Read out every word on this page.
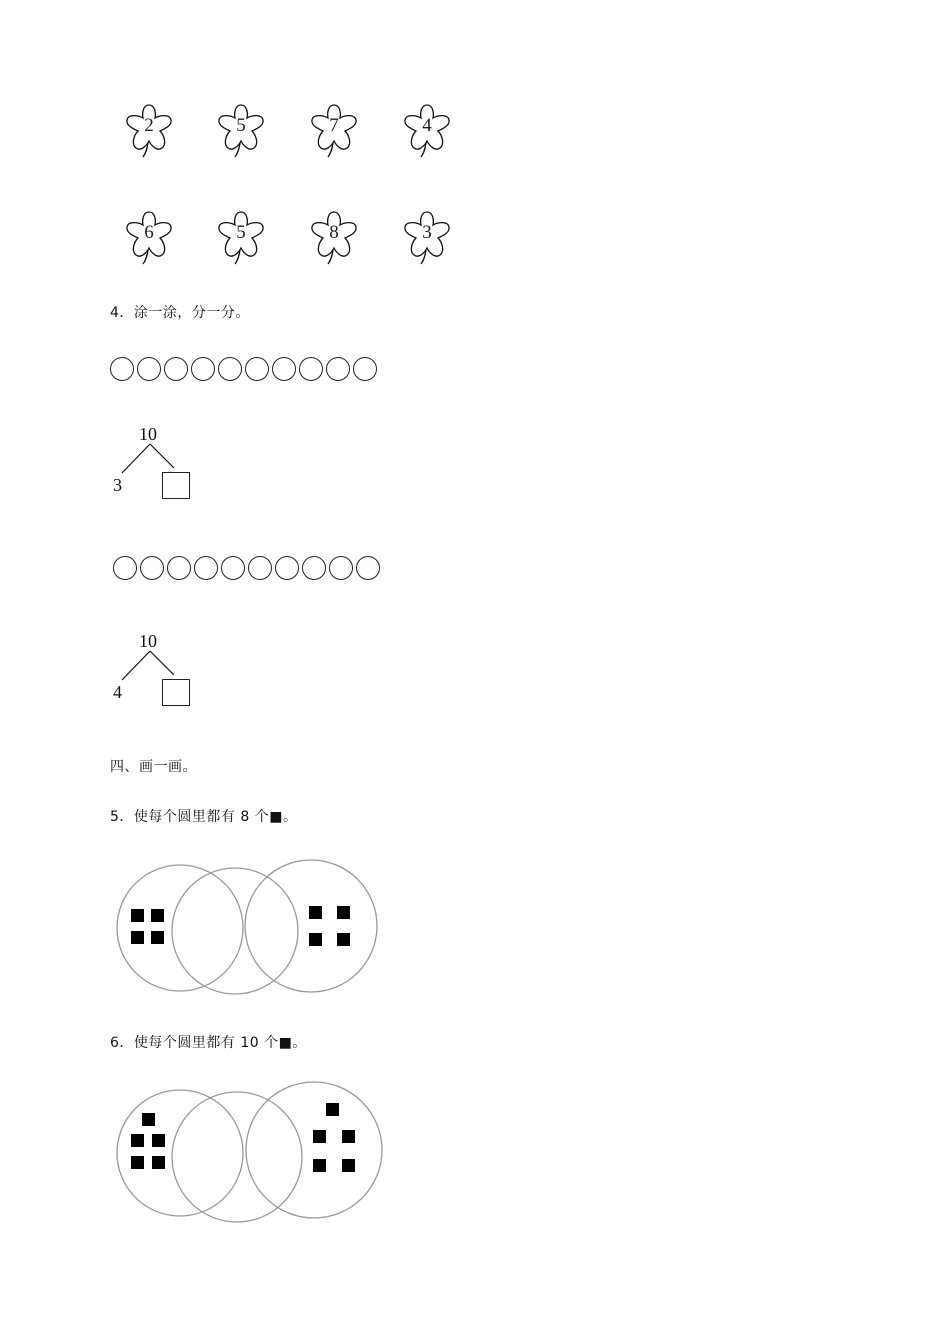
2	5	7	4
6	5	8	3
4．涂一涂，分一分。
10
3
10
4
四、画一画。
5．使每个圆里都有 8 个■。
6．使每个圆里都有 10 个■。
